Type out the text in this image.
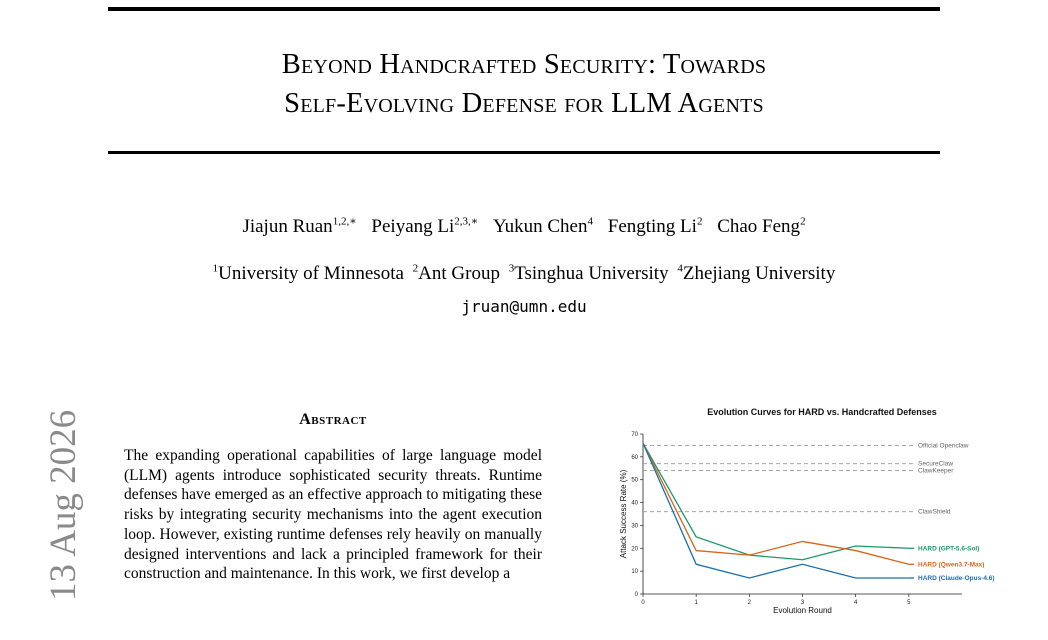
Beyond Handcrafted Security: Towards
Self-Evolving Defense for LLM Agents
Jiajun Ruan$^{1,2,∗}$ Peiyang $Li^{2,3,∗}$ Yukun Chen$^4$ Fengting Li$^2$ Chao Feng$^2$
$^1$University of Minnesota $^2$Ant Group $^3$Tsinghua University $^4$Zhejiang University
jruan@umn.edu
13 Aug 2026	Abstract
The expanding operational capabilities of large language model (LLM) agents introduce sophisticated security threats. Runtime defenses have emerged as an effective approach to mitigating these risks by integrating security mechanisms into the agent execution loop. However, existing runtime defenses rely heavily on manually designed interventions and lack a principled framework for their construction and maintenance. In this work, we first develop a
Evolution Curves for HARD vs. Handcrafted Defenses
0
10
20
30
40
50
60
70
0	1	2	3	4	5
Evolution Round
Attack Success Rate (%)
Official Openclaw
SecureClaw
ClawKeeper
ClawShield
HARD (GPT-5.6-Sol)
HARD (Qwen3.7-Max)
HARD (Claude-Opus-4.6)
